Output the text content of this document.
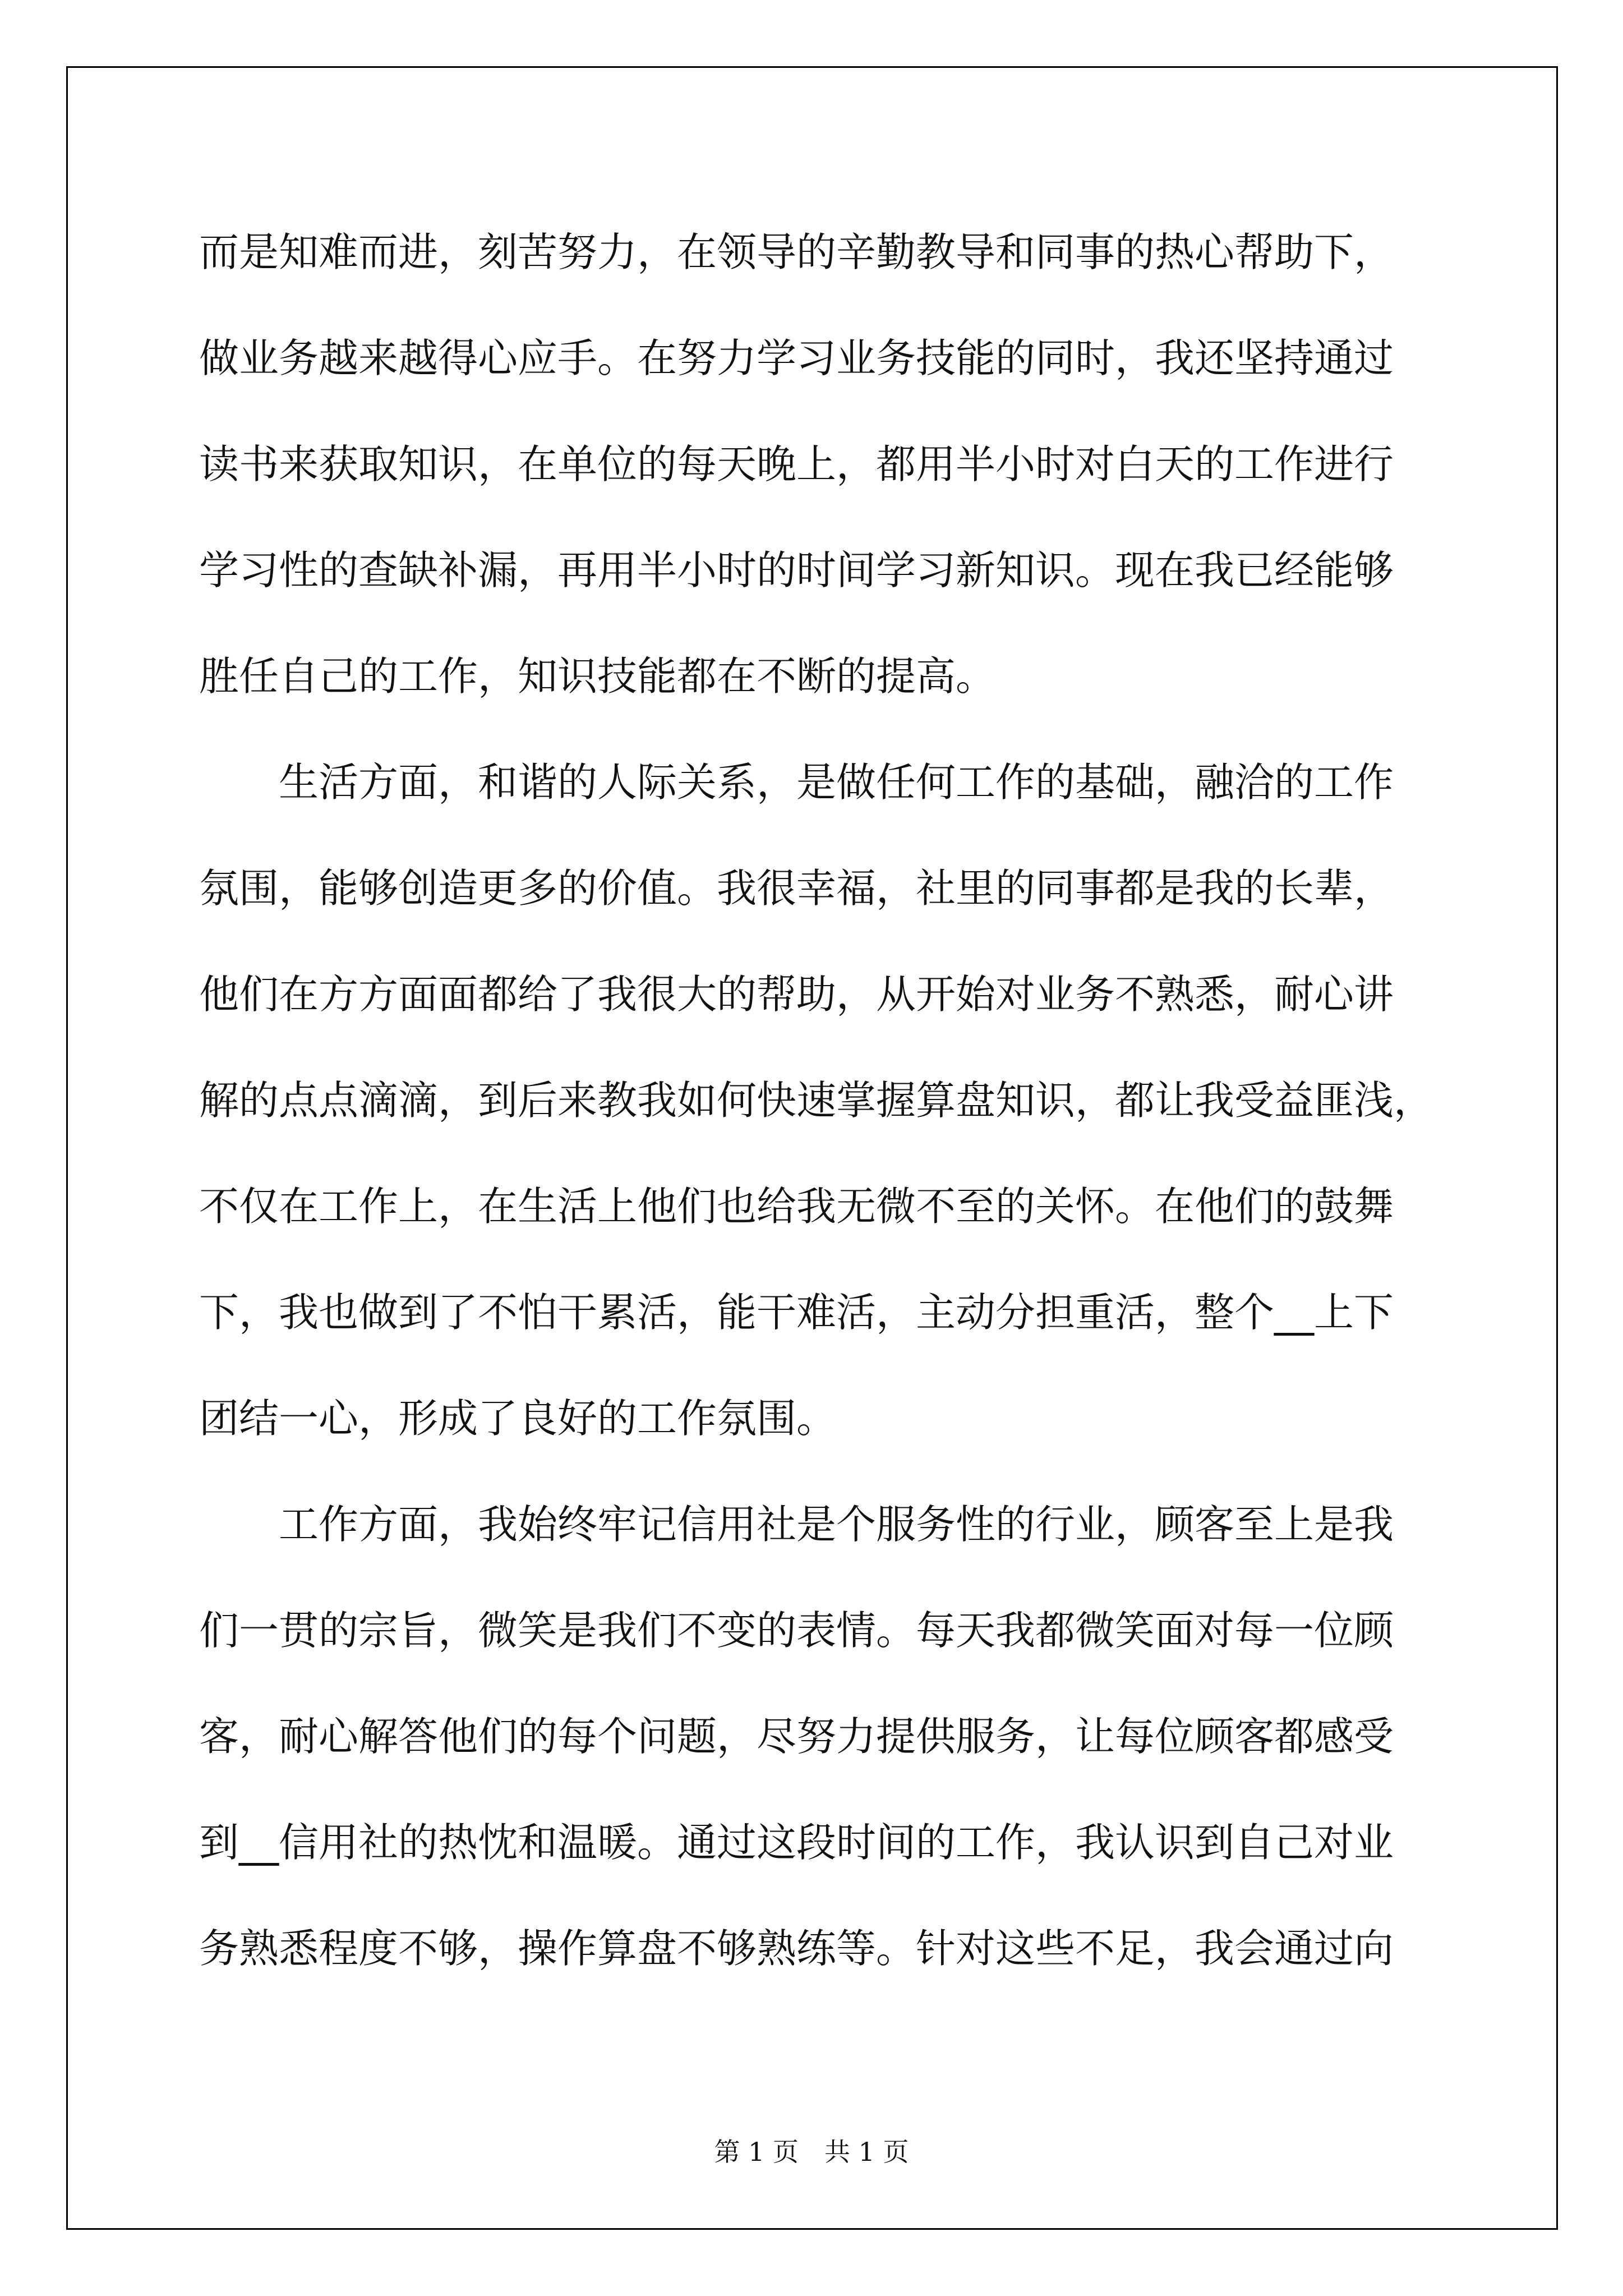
而是知难而进，刻苦努力，在领导的辛勤教导和同事的热心帮助下，
做业务越来越得心应手。在努力学习业务技能的同时，我还坚持通过
读书来获取知识，在单位的每天晚上，都用半小时对白天的工作进行
学习性的查缺补漏，再用半小时的时间学习新知识。现在我已经能够
胜任自己的工作，知识技能都在不断的提高。
生活方面，和谐的人际关系，是做任何工作的基础，融洽的工作
氛围，能够创造更多的价值。我很幸福，社里的同事都是我的长辈，
他们在方方面面都给了我很大的帮助，从开始对业务不熟悉，耐心讲
解的点点滴滴，到后来教我如何快速掌握算盘知识，都让我受益匪浅，
不仅在工作上，在生活上他们也给我无微不至的关怀。在他们的鼓舞
下，我也做到了不怕干累活，能干难活，主动分担重活，整个__上下
团结一心，形成了良好的工作氛围。
工作方面，我始终牢记信用社是个服务性的行业，顾客至上是我
们一贯的宗旨，微笑是我们不变的表情。每天我都微笑面对每一位顾
客，耐心解答他们的每个问题，尽努力提供服务，让每位顾客都感受
到__信用社的热忱和温暖。通过这段时间的工作，我认识到自己对业
务熟悉程度不够，操作算盘不够熟练等。针对这些不足，我会通过向
第 1 页　共 1 页
